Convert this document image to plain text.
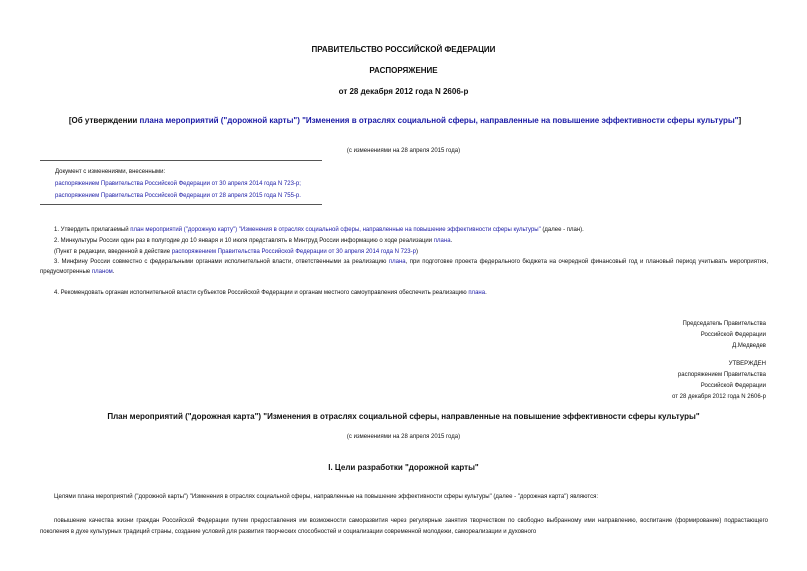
ПРАВИТЕЛЬСТВО РОССИЙСКОЙ ФЕДЕРАЦИИ
РАСПОРЯЖЕНИЕ
от 28 декабря 2012 года N 2606-р
[Об утверждении плана мероприятий ("дорожной карты") "Изменения в отраслях социальной сферы, направленные на повышение эффективности сферы культуры"]
(с изменениями на 28 апреля 2015 года)
Документ с изменениями, внесенными:
распоряжением Правительства Российской Федерации от 30 апреля 2014 года N 723-р;
распоряжением Правительства Российской Федерации от 28 апреля 2015 года N 755-р.
1. Утвердить прилагаемый план мероприятий ("дорожную карту") "Изменения в отраслях социальной сферы, направленные на повышение эффективности сферы культуры" (далее - план).
2. Минкультуры России один раз в полугодие до 10 января и 10 июля представлять в Минтруд России информацию о ходе реализации плана.
(Пункт в редакции, введенной в действие распоряжением Правительства Российской Федерации от 30 апреля 2014 года N 723-р)
3. Минфину России совместно с федеральными органами исполнительной власти, ответственными за реализацию плана, при подготовке проекта федерального бюджета на очередной финансовый год и плановый период учитывать мероприятия, предусмотренные планом.
4. Рекомендовать органам исполнительной власти субъектов Российской Федерации и органам местного самоуправления обеспечить реализацию плана.
Председатель Правительства
Российской Федерации
Д.Медведев
УТВЕРЖДЕН
распоряжением Правительства
Российской Федерации
от 28 декабря 2012 года N 2606-р
План мероприятий ("дорожная карта") "Изменения в отраслях социальной сферы, направленные на повышение эффективности сферы культуры"
(с изменениями на 28 апреля 2015 года)
I. Цели разработки "дорожной карты"
Целями плана мероприятий ("дорожной карты") "Изменения в отраслях социальной сферы, направленные на повышение эффективности сферы культуры" (далее - "дорожная карта") являются:
повышение качества жизни граждан Российской Федерации путем предоставления им возможности саморазвития через регулярные занятия творчеством по свободно выбранному ими направлению, воспитание (формирование) подрастающего поколения в духе культурных традиций страны, создание условий для развития творческих способностей и социализации современной молодежи, самореализации и духовного
